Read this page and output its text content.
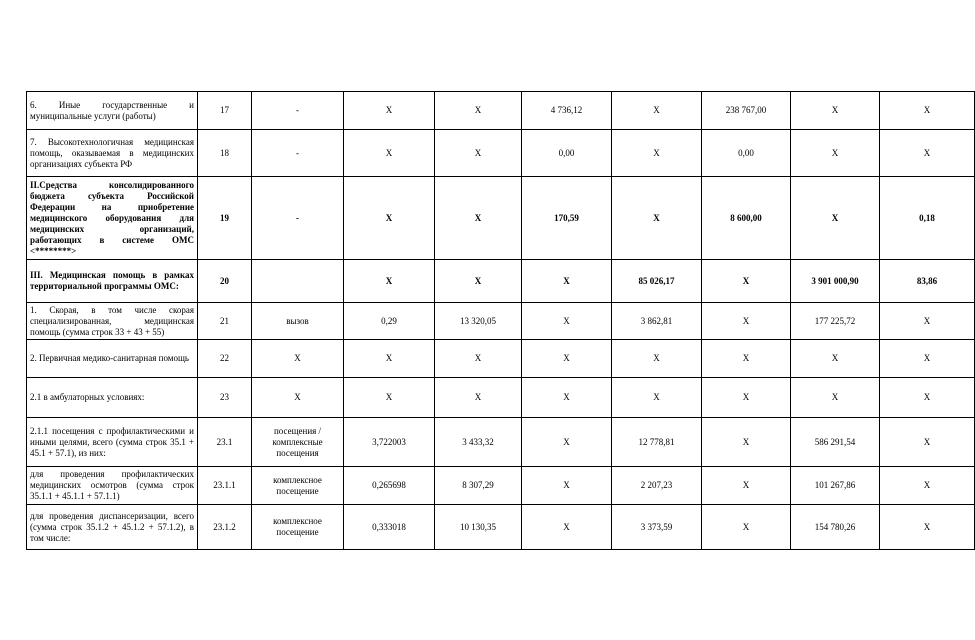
6. Иные государственные и муниципальные услуги (работы)	17	-	X	X	4 736,12	X	238 767,00	X	X
7. Высокотехнологичная медицинская помощь, оказываемая в медицинских организациях субъекта РФ	18	-	X	X	0,00	X	0,00	X	X
II.Средства консолидированного бюджета субъекта Российской Федерации на приобретение медицинского оборудования для медицинских организаций, работающих в системе ОМС <********>	19	-	X	X	170,59	X	8 600,00	X	0,18
III. Медицинская помощь в рамках территориальной программы ОМС:	20		X	X	X	85 026,17	X	3 901 000,90	83,86
1. Скорая, в том числе скорая специализированная, медицинская помощь (сумма строк 33 + 43 + 55)	21	вызов	0,29	13 320,05	X	3 862,81	X	177 225,72	X
2. Первичная медико-санитарная помощь	22	X	X	X	X	X	X	X	X
2.1 в амбулаторных условиях:	23	X	X	X	X	X	X	X	X
2.1.1 посещения с профилактическими и иными целями, всего (сумма строк 35.1 + 45.1 + 57.1), из них:	23.1	посещения / комплексные посещения	3,722003	3 433,32	X	12 778,81	X	586 291,54	X
для проведения профилактических медицинских осмотров (сумма строк 35.1.1 + 45.1.1 + 57.1.1)	23.1.1	комплексное посещение	0,265698	8 307,29	X	2 207,23	X	101 267,86	X
для проведения диспансеризации, всего (сумма строк 35.1.2 + 45.1.2 + 57.1.2), в том числе:	23.1.2	комплексное посещение	0,333018	10 130,35	X	3 373,59	X	154 780,26	X
